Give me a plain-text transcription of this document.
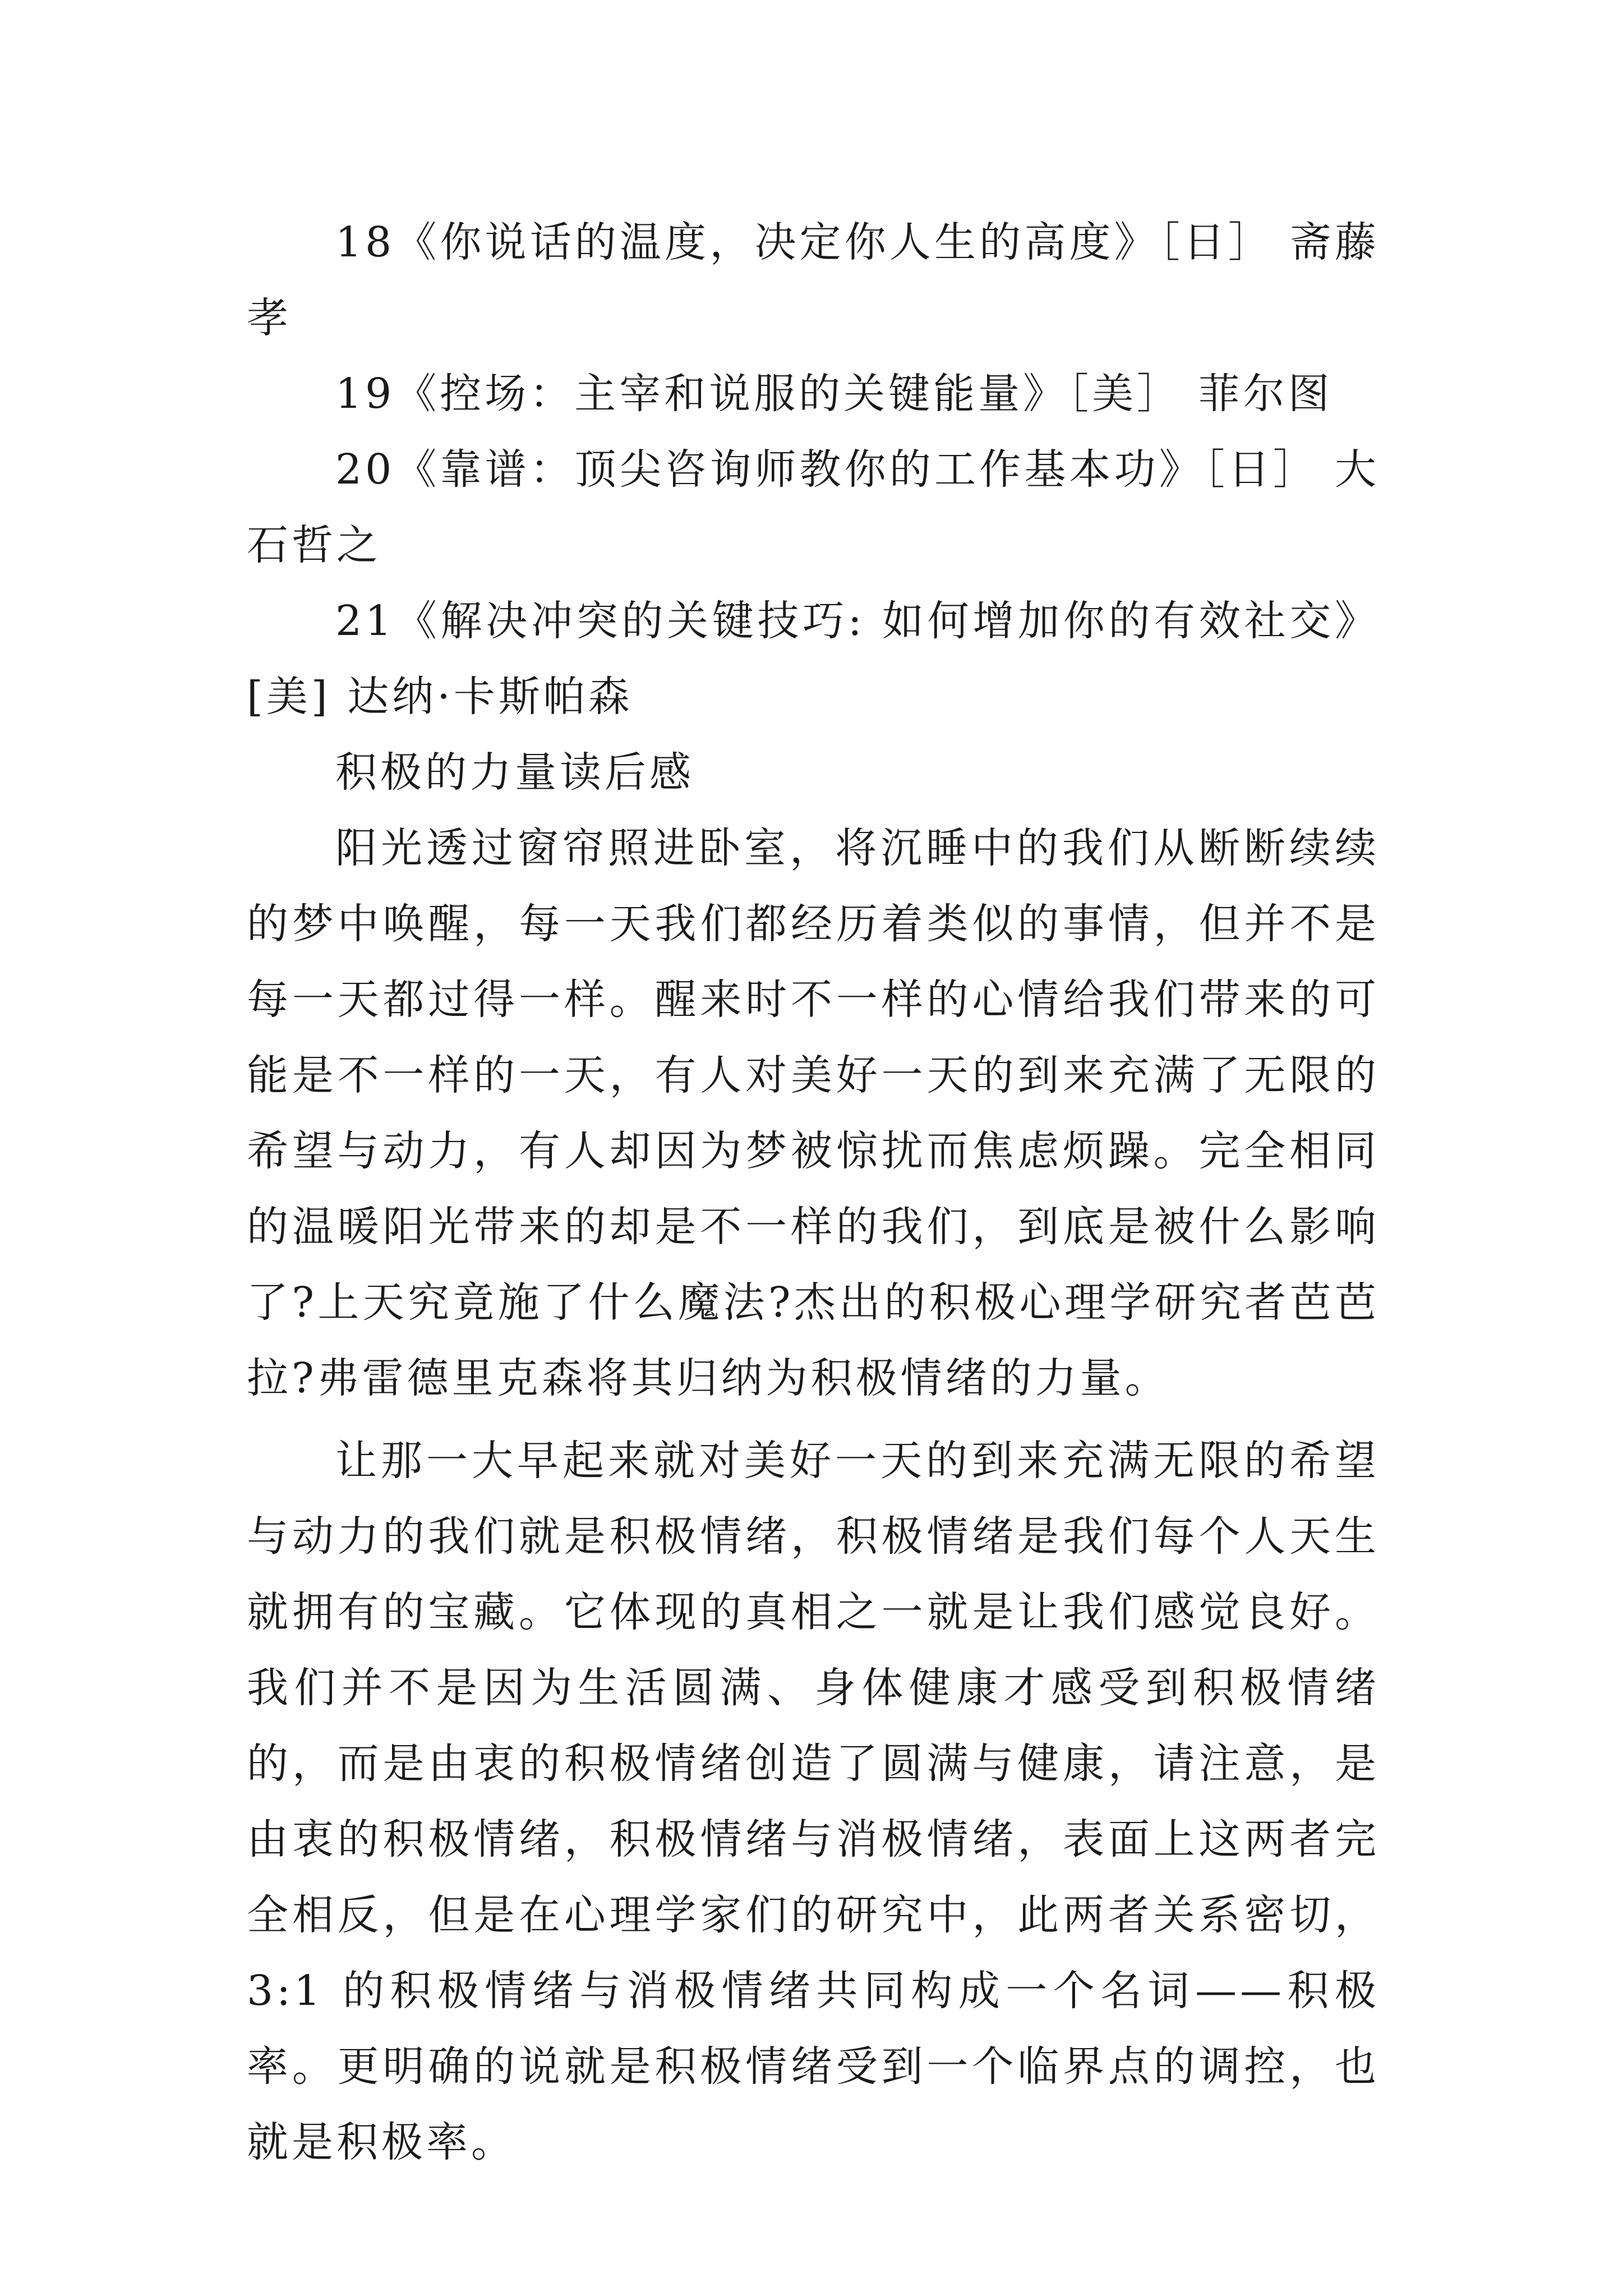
18《你说话的温度，决定你人生的高度》［日］ 斋藤孝

19《控场：主宰和说服的关键能量》［美］ 菲尔图

20《靠谱：顶尖咨询师教你的工作基本功》［日］ 大石哲之

21《解决冲突的关键技巧: 如何增加你的有效社交》[美] 达纳·卡斯帕森

积极的力量读后感

阳光透过窗帘照进卧室，将沉睡中的我们从断断续续的梦中唤醒，每一天我们都经历着类似的事情，但并不是每一天都过得一样。醒来时不一样的心情给我们带来的可能是不一样的一天，有人对美好一天的到来充满了无限的希望与动力，有人却因为梦被惊扰而焦虑烦躁。完全相同的温暖阳光带来的却是不一样的我们，到底是被什么影响了?上天究竟施了什么魔法?杰出的积极心理学研究者芭芭拉?弗雷德里克森将其归纳为积极情绪的力量。

让那一大早起来就对美好一天的到来充满无限的希望与动力的我们就是积极情绪，积极情绪是我们每个人天生就拥有的宝藏。它体现的真相之一就是让我们感觉良好。我们并不是因为生活圆满、身体健康才感受到积极情绪的，而是由衷的积极情绪创造了圆满与健康，请注意，是由衷的积极情绪，积极情绪与消极情绪，表面上这两者完全相反，但是在心理学家们的研究中，此两者关系密切，3:1 的积极情绪与消极情绪共同构成一个名词——积极率。更明确的说就是积极情绪受到一个临界点的调控，也就是积极率。
